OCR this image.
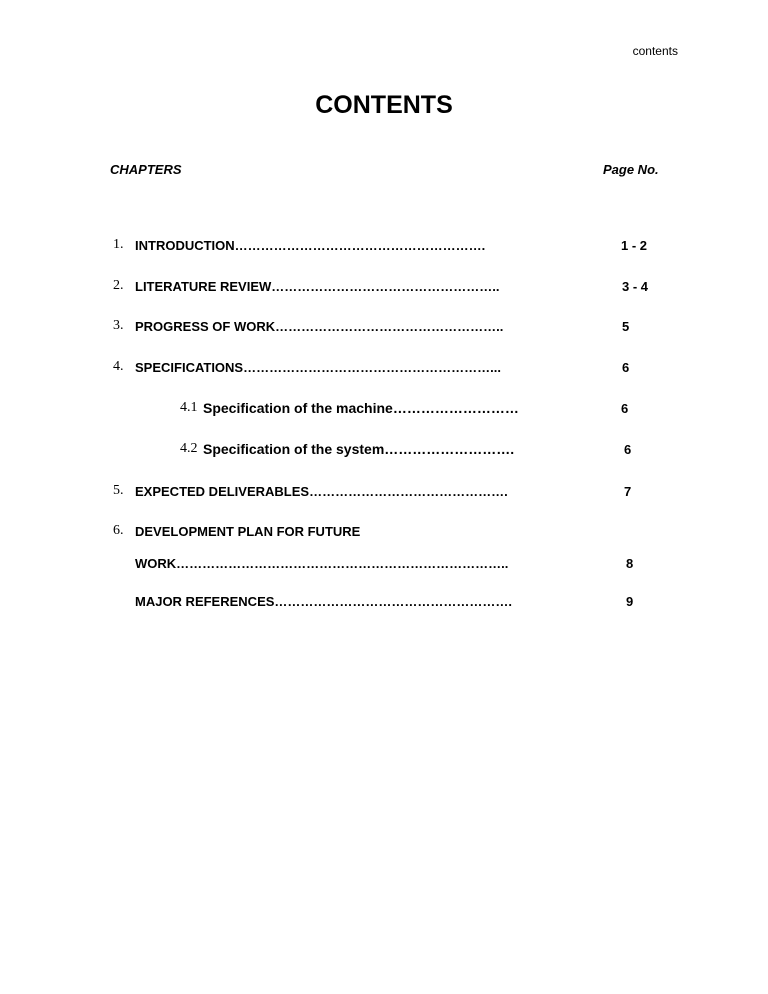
contents
CONTENTS
CHAPTERS	Page No.
1. INTRODUCTION………………………………………………….	1 - 2
2. LITERATURE REVIEW……………………………………………..	3 - 4
3. PROGRESS OF WORK……………………………………………..	5
4. SPECIFICATIONS…………………………………………………...	6
4.1 Specification of the machine………………………	6
4.2 Specification of the system……………………….	6
5. EXPECTED DELIVERABLES……………………………………….	7
6. DEVELOPMENT PLAN FOR FUTURE
WORK…………………………………………………………………..	8
MAJOR REFERENCES……………………………………………….	9
